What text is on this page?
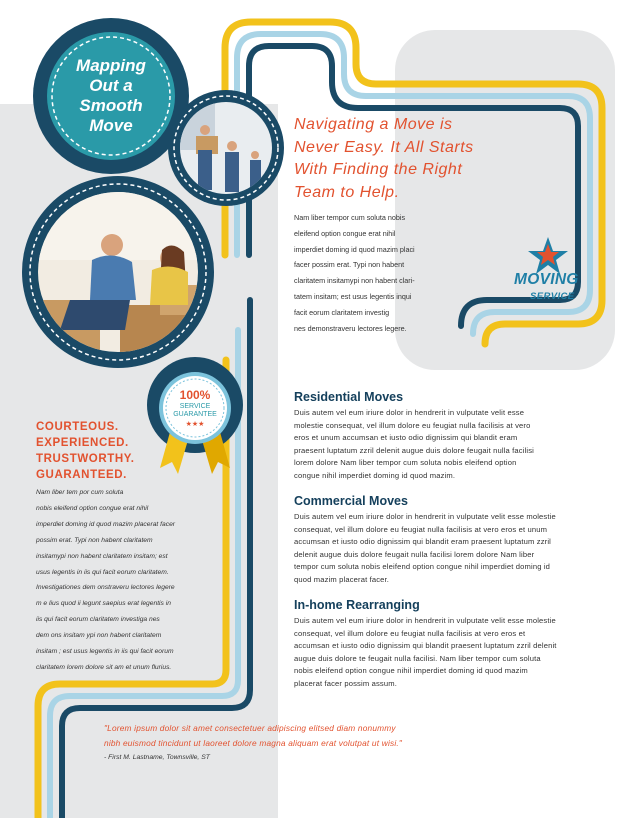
Mapping
Out a
Smooth
Move	Navigating a Move is
Never Easy. It All Starts
With Finding the Right
Team to Help.
Nam liber tempor cum soluta nobis
eleifend option congue erat nihil
imperdiet doming id quod mazim placi
facer possim erat. Typi non habent
claritatem insitamypi non habent clari-
tatem insitam; est usus legentis inqui
facit eorum claritatem investig
nes demonstraveru lectores legere.
MOVING
SERVICE
100%
SERVICE
GUARANTEE
★★★
COURTEOUS.
EXPERIENCED.
TRUSTWORTHY.
GUARANTEED.
Nam liber tem por cum soluta
nobis eleifend option congue erat nihil
imperdiet doming id quod mazim placerat facer
possim erat. Typi non habent claritatem
insitamypi non habent claritatem insitam; est
usus legentis in iis qui facit eorum claritatem.
Investigationes dem onstraveru lectores legere
m e lius quod ii legunt saepius erat legentis in
iis qui facit eorum claritatem investiga nes
dem ons insitam ypi non habent claritatem
insitam ; est usus legentis in iis qui facit eorum
claritatem lorem dolore sit am et unum flurius.
Residential Moves
Duis autem vel eum iriure dolor in hendrerit in vulputate velit esse
molestie consequat, vel illum dolore eu feugiat nulla facilisis at vero
eros et unum accumsan et iusto odio dignissim qui blandit eram
praesent luptatum zzril delenit augue duis dolore feugait nulla facilisi
lorem dolore Nam liber tempor cum soluta nobis eleifend option
congue nihil imperdiet doming id quod mazim.
Commercial Moves
Duis autem vel eum iriure dolor in hendrerit in vulputate velit esse molestie
consequat, vel illum dolore eu feugiat nulla facilisis at vero eros et unum
accumsan et iusto odio dignissim qui blandit eram praesent luptatum zzril
delenit augue duis dolore feugait nulla facilisi lorem dolore Nam liber
tempor cum soluta nobis eleifend option congue nihil imperdiet doming id
quod mazim placerat facer.
In-home Rearranging
Duis autem vel eum iriure dolor in hendrerit in vulputate velit esse molestie
consequat, vel illum dolore eu feugiat nulla facilisis at vero eros et
accumsan et iusto odio dignissim qui blandit praesent luptatum zzril delenit
augue duis dolore te feugait nulla facilisi. Nam liber tempor cum soluta
nobis eleifend option congue nihil imperdiet doming id quod mazim
placerat facer possim assum.
"Lorem ipsum dolor sit amet consectetuer adipiscing elitsed diam nonummy
nibh euismod tincidunt ut laoreet dolore magna aliquam erat volutpat ut wisi."
- First M. Lastname, Townsville, ST
